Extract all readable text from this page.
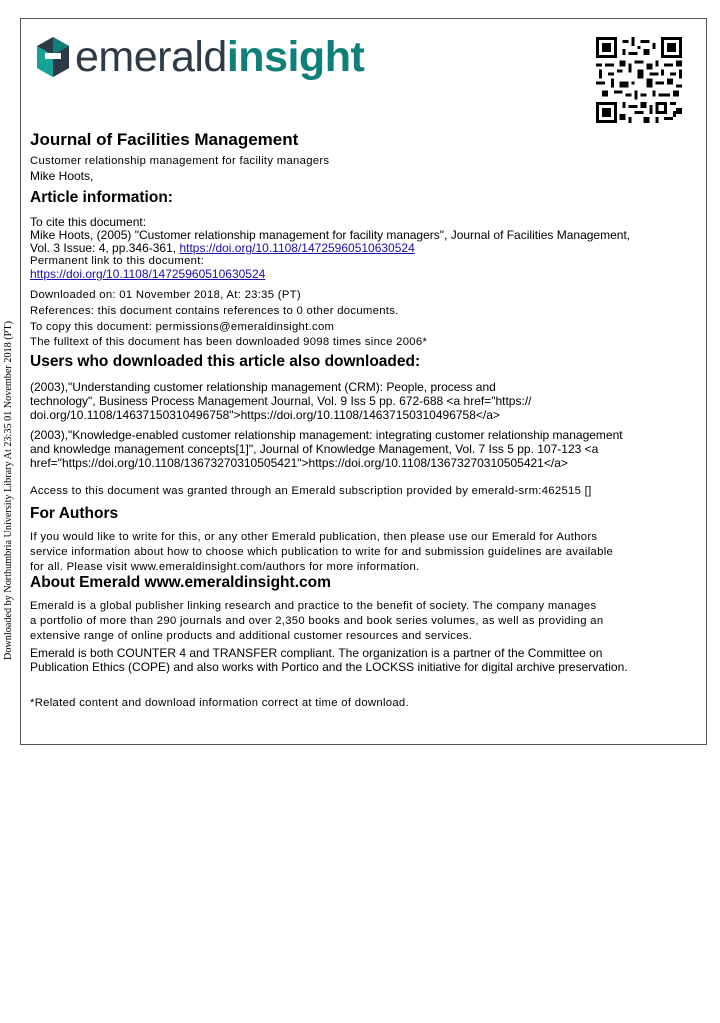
emeraldinsight
Downloaded by Northumbria University Library At 23:35 01 November 2018 (PT)

Journal of Facilities Management

Customer relationship management for facility managers

Mike Hoots,

Article information:

To cite this document:

Mike Hoots, (2005) "Customer relationship management for facility managers", Journal of Facilities Management,

Vol. 3 Issue: 4, pp.346-361, https://doi.org/10.1108/14725960510630524

Permanent link to this document:

https://doi.org/10.1108/14725960510630524

Downloaded on: 01 November 2018, At: 23:35 (PT)

References: this document contains references to 0 other documents.

To copy this document: permissions@emeraldinsight.com

The fulltext of this document has been downloaded 9098 times since 2006*

Users who downloaded this article also downloaded:

(2003),"Understanding customer relationship management (CRM): People, process and

technology", Business Process Management Journal, Vol. 9 Iss 5 pp. 672-688 <a href="https://

doi.org/10.1108/14637150310496758">https://doi.org/10.1108/14637150310496758</a>

(2003),"Knowledge-enabled customer relationship management: integrating customer relationship management

and knowledge management concepts[1]", Journal of Knowledge Management, Vol. 7 Iss 5 pp. 107-123 <a

href="https://doi.org/10.1108/13673270310505421">https://doi.org/10.1108/13673270310505421</a>

Access to this document was granted through an Emerald subscription provided by emerald-srm:462515 []

For Authors

If you would like to write for this, or any other Emerald publication, then please use our Emerald for Authors

service information about how to choose which publication to write for and submission guidelines are available

for all. Please visit www.emeraldinsight.com/authors for more information.

About Emerald www.emeraldinsight.com

Emerald is a global publisher linking research and practice to the benefit of society. The company manages

a portfolio of more than 290 journals and over 2,350 books and book series volumes, as well as providing an

extensive range of online products and additional customer resources and services.

Emerald is both COUNTER 4 and TRANSFER compliant. The organization is a partner of the Committee on

Publication Ethics (COPE) and also works with Portico and the LOCKSS initiative for digital archive preservation.

*Related content and download information correct at time of download.
